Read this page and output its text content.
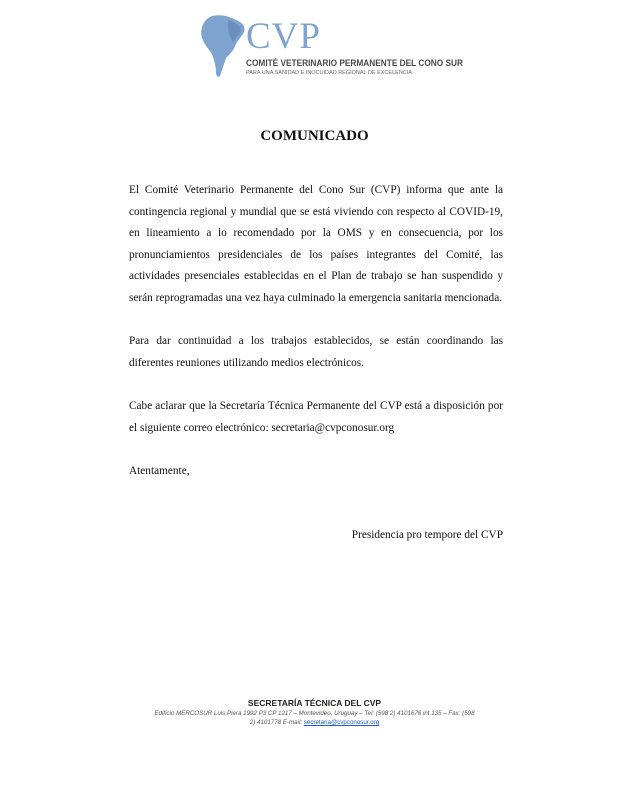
CVP
COMITÉ VETERINARIO PERMANENTE DEL CONO SUR
PARA UNA SANIDAD E INOCUIDAD REGIONAL DE EXCELENCIA
COMUNICADO
El Comité Veterinario Permanente del Cono Sur (CVP) informa que ante la contingencia regional y mundial que se está viviendo con respecto al COVID-19, en lineamiento a lo recomendado por la OMS y en consecuencia, por los pronunciamientos presidenciales de los países integrantes del Comité, las actividades presenciales establecidas en el Plan de trabajo se han suspendido y serán reprogramadas una vez haya culminado la emergencia sanitaria mencionada.
Para dar continuidad a los trabajos establecidos, se están coordinando las diferentes reuniones utilizando medios electrónicos.
Cabe aclarar que la Secretaría Técnica Permanente del CVP está a disposición por el siguiente correo electrónico: secretaria@cvpconosur.org
Atentamente,
Presidencia pro tempore del CVP
SECRETARÍA TÉCNICA DEL CVP
Edificio MERCOSUR Luis Piera 1992 P3 CP 1217 – Montevideo, Uruguay – Tel: (598 2) 4101676 int.135 – Fax: (598
2) 4101778 E-mail: secretaria@cvpconosur.org
